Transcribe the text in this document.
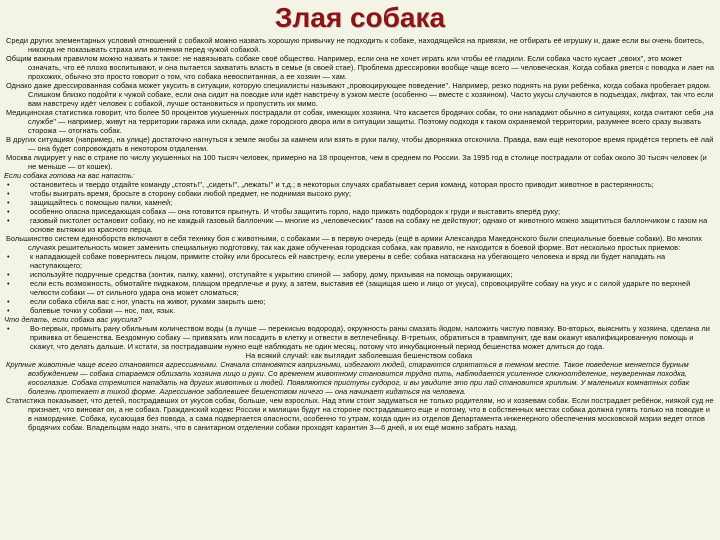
Злая собака

Среди других элементарных условий отношений с собакой можно назвать хорошую привычку не подходить к собаке, находящейся на привязи, не отбирать её игрушку и, даже если вы очень боитесь, никогда не показывать страха или волнения перед чужой собакой.

Общим важным правилом можно назвать и такое: не навязывать собаке своё общество. Например, если она не хочет играть или чтобы её гладили. Если собака часто кусает „своих", это может означать, что её плохо воспитывают, и она пытается захватить власть в семье (в своей стае). Проблема дрессировки вообще чаще всего — человеческая. Когда собака рвется с поводка и лает на прохожих, обычно это просто говорит о том, что собака невоспитанная, а ее хозяин — хам.

Однако даже дрессированная собака может укусить в ситуации, которую специалисты называют „провоцирующее поведение". Например, резко поднять на руки ребёнка, когда собака пробегает рядом. Слишком близко подойти к чужой собаке, если она сидит на поводке или идёт навстречу в узком месте (особенно — вместе с хозяином). Часто укусы случаются в подъездах, лифтах, так что если вам навстречу идёт человек с собакой, лучше остановиться и пропустить их мимо.

Медицинская статистика говорит, что более 50 процентов укушенных пострадали от собак, имеющих хозяина. Что касается бродячих собак, то они нападают обычно в ситуациях, когда считают себя „на службе" — например, живут на территории гаража или склада, даже городского двора или в ситуации защиты. Поэтому подходя к таком охраняемой территории, разумнее всего сразу вызвать сторожа — отогнать собак.

В других ситуациях (например, на улице) достаточно нагнуться к земле якобы за камнем или взять в руки палку, чтобы дворняжка отскочила. Правда, вам ещё некоторое время придётся терпеть её лай — она будет сопровождать в некотором отдалении.

Москва лидирует у нас в стране по числу укушенных на 100 тысяч человек, примерно на 18 процентов, чем в среднем по России. За 1995 год в столице пострадали от собак около 30 тысяч человек (и не меньше — от кошек).

Если собака готова на вас напасть:

•	остановитесь и твердо отдайте команду „стоять!", „сидеть!", „лежать!" и т.д.; в некоторых случаях срабатывает серия команд, которая просто приводит животное в растерянность;
•	чтобы выиграть время, бросьте в сторону собаки любой предмет, не поднимая высоко руку;
•	защищайтесь с помощью палки, камней;
•	особенно опасна приседающая собака — она готовится прыгнуть. И чтобы защитить горло, надо прижать подбородок к груди и выставить вперёд руку;
•	газовый пистолет остановит собаку, но не каждый газовый баллончик — многие из „человеческих" газов на собаку не действуют; однако от животного можно защититься баллончиком с газом на основе вытяжки из красного перца.

Большинство систем единоборств включают в себя технику боя с животными, с собаками — в первую очередь (ещё в армии Александра Македонского были специальные боевые собаки). Во многих случаях решительность может заменить специальную подготовку, так как даже обученная городская собака, как правило, не находится в боевой форме. Вот несколько простых приемов:

•	к нападающей собаке повернитесь лицом, примите стойку или бросьтесь ей навстречу, если уверены в себе: собака натаскана на убегающего человека и вряд ли будет нападать на наступающего;
•	используйте подручные средства (зонтик, палку, камни), отступайте к укрытию спиной — забору, дому, призывая на помощь окружающих;
•	если есть возможность, обмотайте пиджаком, плащом предплечье и руку, а затем, выставив её (защищая шею и лицо от укуса), спровоцируйте собаку на укус и с силой ударьте по верхней челюсти собаки — от сильного удара она может сломаться;
•	если собака сбила вас с ног, упасть на живот, руками закрыть шею;
•	болевые точки у собаки — нос, пах, язык.

Что делать, если собака вас укусила?

•	Во-первых, промыть рану обильным количеством воды (а лучше — перекисью водорода), окружность раны смазать йодом, наложить чистую повязку. Во-вторых, выяснить у хозяина, сделана ли прививка от бешенства. Бездомную собаку — привязать или посадить в клетку и отвести в ветлечебницу. В-третьих, обратиться в травмпункт, где вам окажут квалифицированную помощь и скажут, что делать дальше. И кстати, за пострадавшим нужно ещё наблюдать не один месяц, потому что инкубационный период бешенства может длиться до года.

На всякий случай: как выглядит заболевшая бешенством собака

Крупные животные чаще всего становятся агрессивными. Сначала становятся капризными, избегают людей, стараются спрятаться в темном месте. Такое поведение меняется бурным возбуждением — собака стараемся облизать хозяина лицо и руки. Со временем животному становится трудно пить, наблюдается усиленное слюноотделение, неуверенная походка, косоглазие. Собака стремится нападать на других животных и людей. Появляются приступы судорог, и вы увидите это при лай становится хриплым. У маленьких комнатных собак болезнь протекает в тихой форме. Агрессивное заболевшее бешенством ничего — она начинает кидаться на человека.

Статистика показывает, что детей, пострадавших от укусов собак, больше, чем взрослых. Над этим стоит задуматься не только родителям, но и хозяевам собак. Если пострадает ребёнок, ниякой суд не признает, что виноват он, а не собака. Гражданский кодекс России и милиции будут на стороне пострадавшего еще и потому, что в собственных местах собака должна гулять только на поводке и в наморднике. Собака, кусающая без повода, а сама подвергается опасности, особенно то утрам, когда один из отделов Департамента инженерного обеспечения московской мэрии ведет отлов бродячих собак. Владельцам надо знать, что в санитарном отделении собаки проходят карантин 3—6 дней, и их ещё можно забрать назад.
